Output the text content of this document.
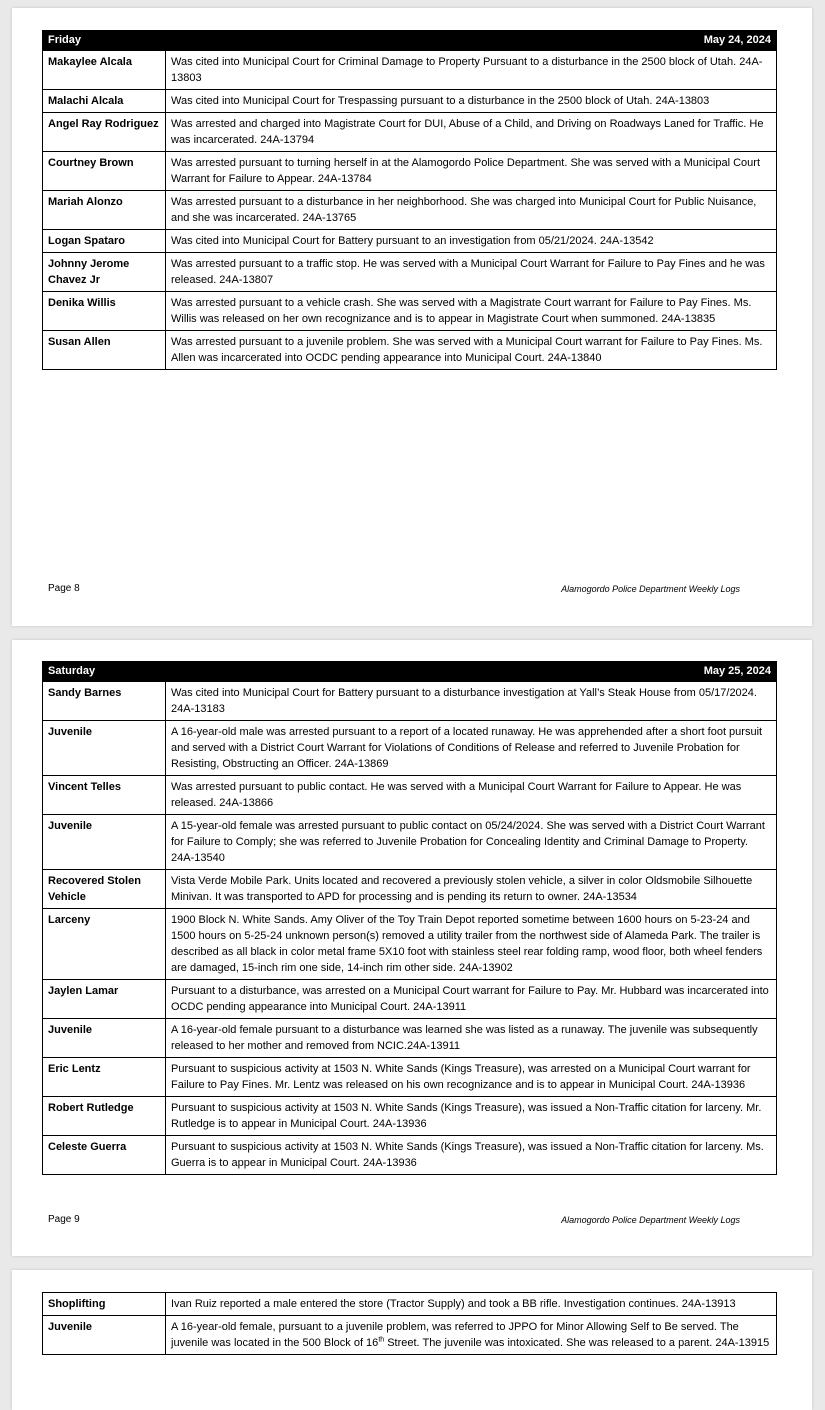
Friday	May 24, 2024
Makaylee Alcala	Was cited into Municipal Court for Criminal Damage to Property Pursuant to a disturbance in the 2500 block of Utah. 24A-13803
Malachi Alcala	Was cited into Municipal Court for Trespassing pursuant to a disturbance in the 2500 block of Utah. 24A-13803
Angel Ray Rodriguez	Was arrested and charged into Magistrate Court for DUI, Abuse of a Child, and Driving on Roadways Laned for Traffic. He was incarcerated. 24A-13794
Courtney Brown	Was arrested pursuant to turning herself in at the Alamogordo Police Department. She was served with a Municipal Court Warrant for Failure to Appear. 24A-13784
Mariah Alonzo	Was arrested pursuant to a disturbance in her neighborhood. She was charged into Municipal Court for Public Nuisance, and she was incarcerated. 24A-13765
Logan Spataro	Was cited into Municipal Court for Battery pursuant to an investigation from 05/21/2024. 24A-13542
Johnny Jerome Chavez Jr	Was arrested pursuant to a traffic stop. He was served with a Municipal Court Warrant for Failure to Pay Fines and he was released. 24A-13807
Denika Willis	Was arrested pursuant to a vehicle crash. She was served with a Magistrate Court warrant for Failure to Pay Fines. Ms. Willis was released on her own recognizance and is to appear in Magistrate Court when summoned. 24A-13835
Susan Allen	Was arrested pursuant to a juvenile problem. She was served with a Municipal Court warrant for Failure to Pay Fines. Ms. Allen was incarcerated into OCDC pending appearance into Municipal Court. 24A-13840
Page 8	Alamogordo Police Department Weekly Logs
Saturday	May 25, 2024
Sandy Barnes	Was cited into Municipal Court for Battery pursuant to a disturbance investigation at Yall’s Steak House from 05/17/2024. 24A-13183
Juvenile	A 16-year-old male was arrested pursuant to a report of a located runaway. He was apprehended after a short foot pursuit and served with a District Court Warrant for Violations of Conditions of Release and referred to Juvenile Probation for Resisting, Obstructing an Officer. 24A-13869
Vincent Telles	Was arrested pursuant to public contact. He was served with a Municipal Court Warrant for Failure to Appear. He was released. 24A-13866
Juvenile	A 15-year-old female was arrested pursuant to public contact on 05/24/2024. She was served with a District Court Warrant for Failure to Comply; she was referred to Juvenile Probation for Concealing Identity and Criminal Damage to Property. 24A-13540
Recovered Stolen Vehicle	Vista Verde Mobile Park. Units located and recovered a previously stolen vehicle, a silver in color Oldsmobile Silhouette Minivan. It was transported to APD for processing and is pending its return to owner. 24A-13534
Larceny	1900 Block N. White Sands. Amy Oliver of the Toy Train Depot reported sometime between 1600 hours on 5-23-24 and 1500 hours on 5-25-24 unknown person(s) removed a utility trailer from the northwest side of Alameda Park. The trailer is described as all black in color metal frame 5X10 foot with stainless steel rear folding ramp, wood floor, both wheel fenders are damaged, 15-inch rim one side, 14-inch rim other side. 24A-13902
Jaylen Lamar	Pursuant to a disturbance, was arrested on a Municipal Court warrant for Failure to Pay. Mr. Hubbard was incarcerated into OCDC pending appearance into Municipal Court. 24A-13911
Juvenile	A 16-year-old female pursuant to a disturbance was learned she was listed as a runaway. The juvenile was subsequently released to her mother and removed from NCIC.24A-13911
Eric Lentz	Pursuant to suspicious activity at 1503 N. White Sands (Kings Treasure), was arrested on a Municipal Court warrant for Failure to Pay Fines. Mr. Lentz was released on his own recognizance and is to appear in Municipal Court. 24A-13936
Robert Rutledge	Pursuant to suspicious activity at 1503 N. White Sands (Kings Treasure), was issued a Non-Traffic citation for larceny. Mr. Rutledge is to appear in Municipal Court. 24A-13936
Celeste Guerra	Pursuant to suspicious activity at 1503 N. White Sands (Kings Treasure), was issued a Non-Traffic citation for larceny. Ms. Guerra is to appear in Municipal Court. 24A-13936
Page 9	Alamogordo Police Department Weekly Logs
Shoplifting	Ivan Ruiz reported a male entered the store (Tractor Supply) and took a BB rifle. Investigation continues. 24A-13913
Juvenile	A 16-year-old female, pursuant to a juvenile problem, was referred to JPPO for Minor Allowing Self to Be served. The juvenile was located in the 500 Block of 16th Street. The juvenile was intoxicated. She was released to a parent. 24A-13915
